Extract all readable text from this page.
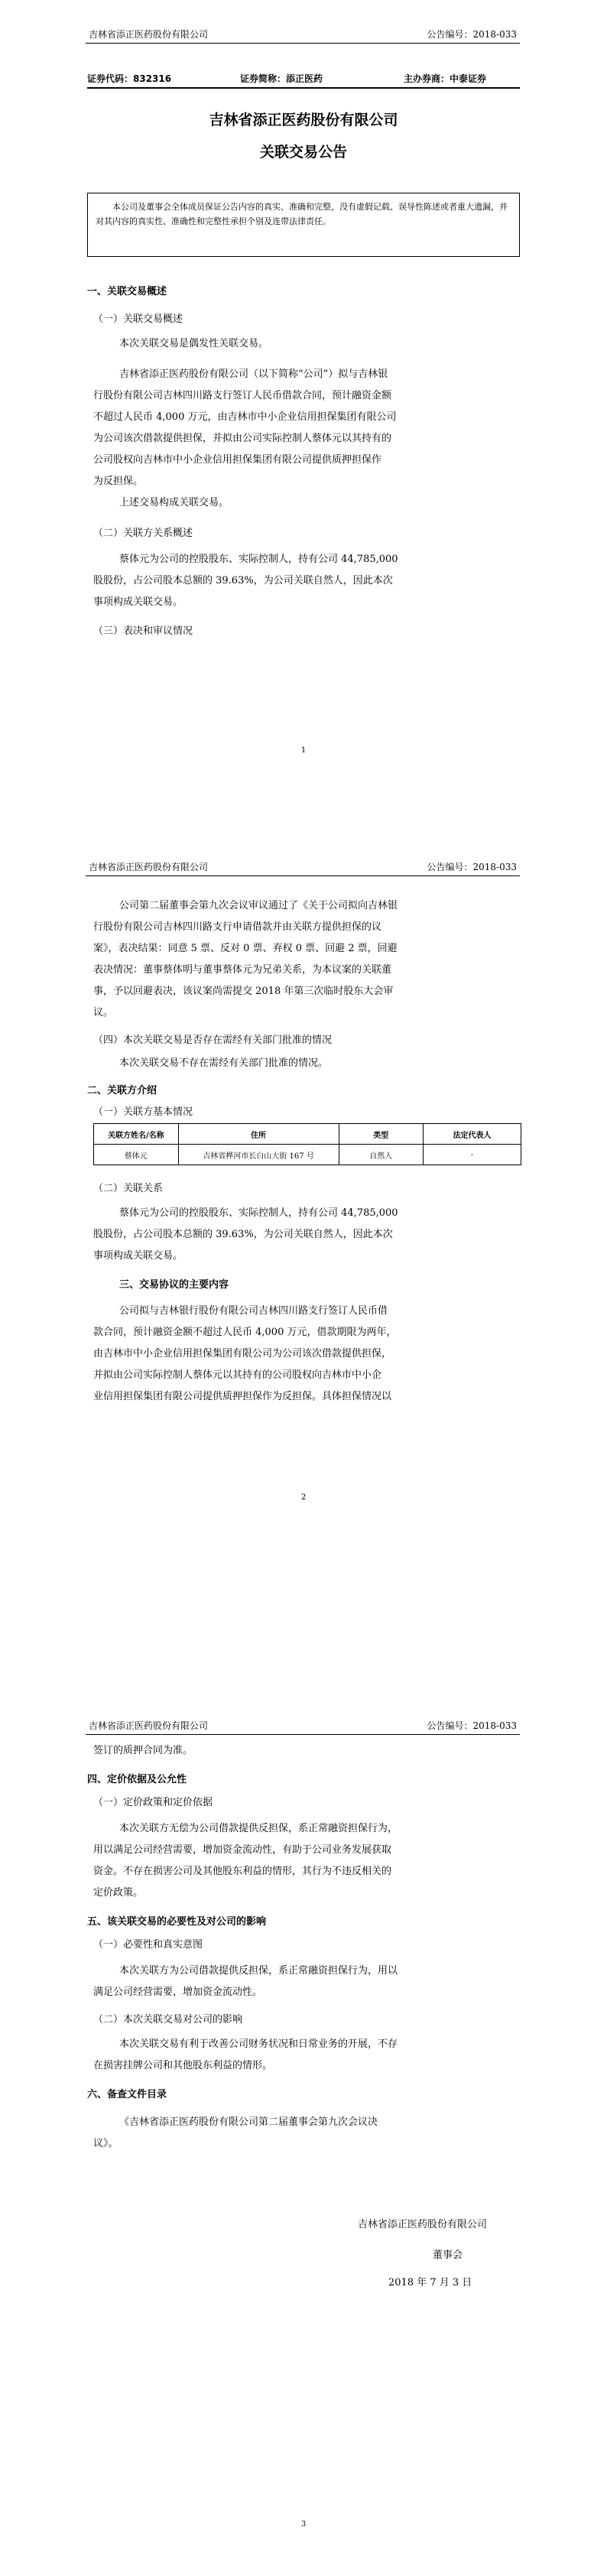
吉林省添正医药股份有限公司	公告编号：2018-033
证券代码：832316	证券简称：添正医药	主办券商：中泰证券
吉林省添正医药股份有限公司
关联交易公告
本公司及董事会全体成员保证公告内容的真实、准确和完整，没有虚假记载、误导性陈述或者重大遗漏，并对其内容的真实性、准确性和完整性承担个别及连带法律责任。
一、关联交易概述
（一）关联交易概述
本次关联交易是偶发性关联交易。
吉林省添正医药股份有限公司（以下简称“公司”）拟与吉林银
行股份有限公司吉林四川路支行签订人民币借款合同，预计融资金额
不超过人民币 4,000 万元，由吉林市中小企业信用担保集团有限公司
为公司该次借款提供担保，并拟由公司实际控制人蔡体元以其持有的
公司股权向吉林市中小企业信用担保集团有限公司提供质押担保作
为反担保。
上述交易构成关联交易。
（二）关联方关系概述
蔡体元为公司的控股股东、实际控制人，持有公司 44,785,000
股股份，占公司股本总额的 39.63%，为公司关联自然人，因此本次
事项构成关联交易。
（三）表决和审议情况
1
吉林省添正医药股份有限公司	公告编号：2018-033
公司第二届董事会第九次会议审议通过了《关于公司拟向吉林银
行股份有限公司吉林四川路支行申请借款并由关联方提供担保的议
案》，表决结果：同意 5 票、反对 0 票、弃权 0 票、回避 2 票，回避
表决情况：董事蔡体明与董事蔡体元为兄弟关系，为本议案的关联董
事，予以回避表决，该议案尚需提交 2018 年第三次临时股东大会审
议。
（四）本次关联交易是否存在需经有关部门批准的情况
本次关联交易不存在需经有关部门批准的情况。
二、关联方介绍
（一）关联方基本情况
关联方姓名/名称	住所	类型	法定代表人
蔡体元	吉林省桦河市长白山大街 167 号	自然人	-
（二）关联关系
蔡体元为公司的控股股东、实际控制人，持有公司 44,785,000
股股份，占公司股本总额的 39.63%，为公司关联自然人，因此本次
事项构成关联交易。
三、交易协议的主要内容
公司拟与吉林银行股份有限公司吉林四川路支行签订人民币借
款合同，预计融资金额不超过人民币 4,000 万元，借款期限为两年，
由吉林市中小企业信用担保集团有限公司为公司该次借款提供担保，
并拟由公司实际控制人蔡体元以其持有的公司股权向吉林市中小企
业信用担保集团有限公司提供质押担保作为反担保。具体担保情况以
2
吉林省添正医药股份有限公司	公告编号：2018-033
签订的质押合同为准。
四、定价依据及公允性
（一）定价政策和定价依据
本次关联方无偿为公司借款提供反担保，系正常融资担保行为，
用以满足公司经营需要，增加资金流动性，有助于公司业务发展获取
资金。不存在损害公司及其他股东利益的情形，其行为不违反相关的
定价政策。
五、该关联交易的必要性及对公司的影响
（一）必要性和真实意图
本次关联方为公司借款提供反担保，系正常融资担保行为，用以
满足公司经营需要，增加资金流动性。
（二）本次关联交易对公司的影响
本次关联交易有利于改善公司财务状况和日常业务的开展，不存
在损害挂牌公司和其他股东利益的情形。
六、备查文件目录
《吉林省添正医药股份有限公司第二届董事会第九次会议决
议》。
吉林省添正医药股份有限公司
董事会
2018 年 7 月 3 日
3
